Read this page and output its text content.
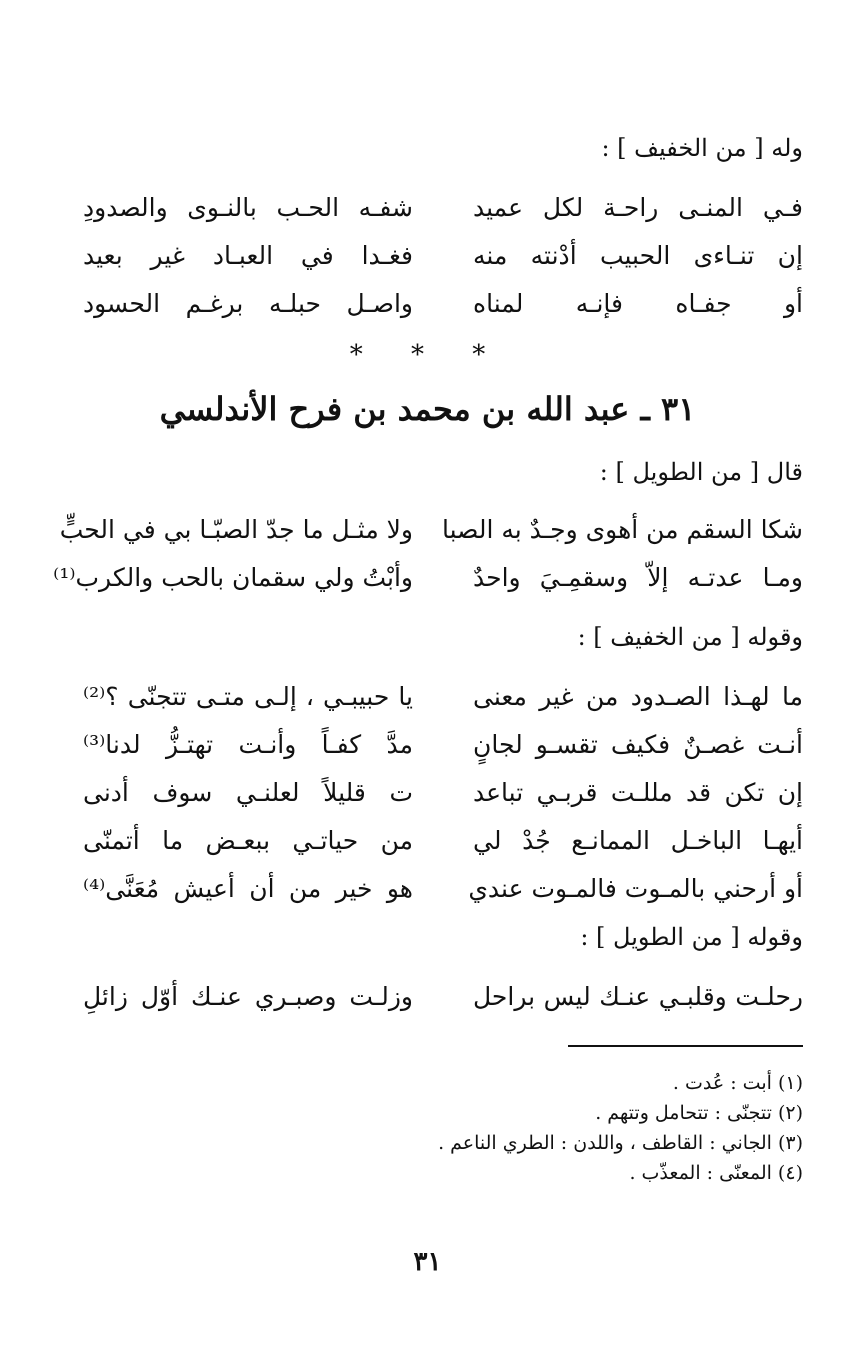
وله [ من الخفيف ] :
فـي المنـى راحـة لكل عميد
شفـه الحـب بالنـوى والصدودِ
إن تنـاءى الحبيب أدْنته منه
فغـدا في العبـاد غير بعيد
أو جفـاه فإنـه لمناه
واصـل حبلـه برغـم الحسود
* * *
٣١ ـ عبد الله بن محمد بن فرح الأندلسي
قال [ من الطويل ] :
شكا السقم من أهوى وجـدٌ به الصبا
ولا مثـل ما جدّ الصبّـا بي في الحبٍّ
ومـا عدتـه إلاّ وسقمِـيَ واحدٌ
وأبْتُ ولي سقمان بالحب والكرب⁽¹⁾
وقوله [ من الخفيف ] :
ما لهـذا الصـدود من غير معنى
يا حبيبـي ، إلـى متـى تتجنّى ؟⁽²⁾
أنـت غصـنٌ فكيف تقسـو لجانٍ
مدَّ كفـاً وأنـت تهتـزُّ لدنا⁽³⁾
إن تكن قد مللـت قربـي تباعد
ت قليلاً لعلنـي سوف أدنى
أيهـا الباخـل الممانـع جُدْ لي
من حياتـي ببعـض ما أتمنّى
أو أرحني بالمـوت فالمـوت عندي
هو خير من أن أعيش مُعَنَّى⁽⁴⁾
وقوله [ من الطويل ] :
رحلـت وقلبـي عنـك ليس براحل
وزلـت وصبـري عنـك أوّل زائلِ
(١) أبت : عُدت .
(٢) تتجنّى : تتحامل وتتهم .
(٣) الجاني : القاطف ، واللدن : الطري الناعم .
(٤) المعنّى : المعذّب .
٣١
